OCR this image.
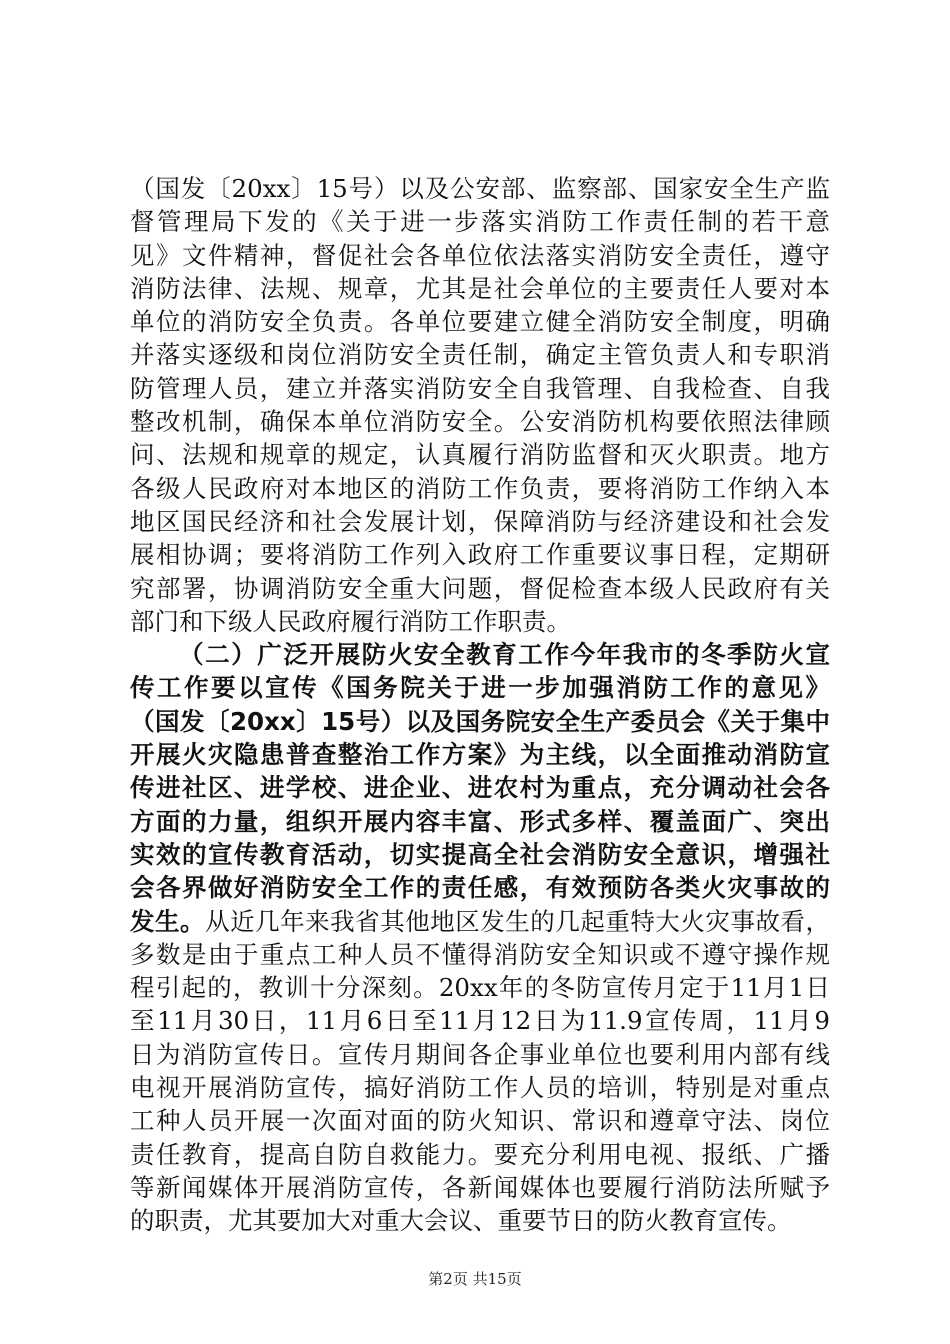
（国发〔20xx〕15号）以及公安部、监察部、国家安全生产监
督管理局下发的《关于进一步落实消防工作责任制的若干意
见》文件精神，督促社会各单位依法落实消防安全责任，遵守
消防法律、法规、规章，尤其是社会单位的主要责任人要对本
单位的消防安全负责。各单位要建立健全消防安全制度，明确
并落实逐级和岗位消防安全责任制，确定主管负责人和专职消
防管理人员，建立并落实消防安全自我管理、自我检查、自我
整改机制，确保本单位消防安全。公安消防机构要依照法律顾
问、法规和规章的规定，认真履行消防监督和灭火职责。地方
各级人民政府对本地区的消防工作负责，要将消防工作纳入本
地区国民经济和社会发展计划，保障消防与经济建设和社会发
展相协调；要将消防工作列入政府工作重要议事日程，定期研
究部署，协调消防安全重大问题，督促检查本级人民政府有关
部门和下级人民政府履行消防工作职责。

（二）广泛开展防火安全教育工作今年我市的冬季防火宣
传工作要以宣传《国务院关于进一步加强消防工作的意见》
（国发〔20xx〕15号）以及国务院安全生产委员会《关于集中
开展火灾隐患普查整治工作方案》为主线，以全面推动消防宣
传进社区、进学校、进企业、进农村为重点，充分调动社会各
方面的力量，组织开展内容丰富、形式多样、覆盖面广、突出
实效的宣传教育活动，切实提高全社会消防安全意识，增强社
会各界做好消防安全工作的责任感，有效预防各类火灾事故的
发生。从近几年来我省其他地区发生的几起重特大火灾事故看，
多数是由于重点工种人员不懂得消防安全知识或不遵守操作规
程引起的，教训十分深刻。20xx年的冬防宣传月定于11月1日
至11月30日，11月6日至11月12日为11.9宣传周，11月9
日为消防宣传日。宣传月期间各企事业单位也要利用内部有线
电视开展消防宣传，搞好消防工作人员的培训，特别是对重点
工种人员开展一次面对面的防火知识、常识和遵章守法、岗位
责任教育，提高自防自救能力。要充分利用电视、报纸、广播
等新闻媒体开展消防宣传，各新闻媒体也要履行消防法所赋予
的职责，尤其要加大对重大会议、重要节日的防火教育宣传。

第2页 共15页
